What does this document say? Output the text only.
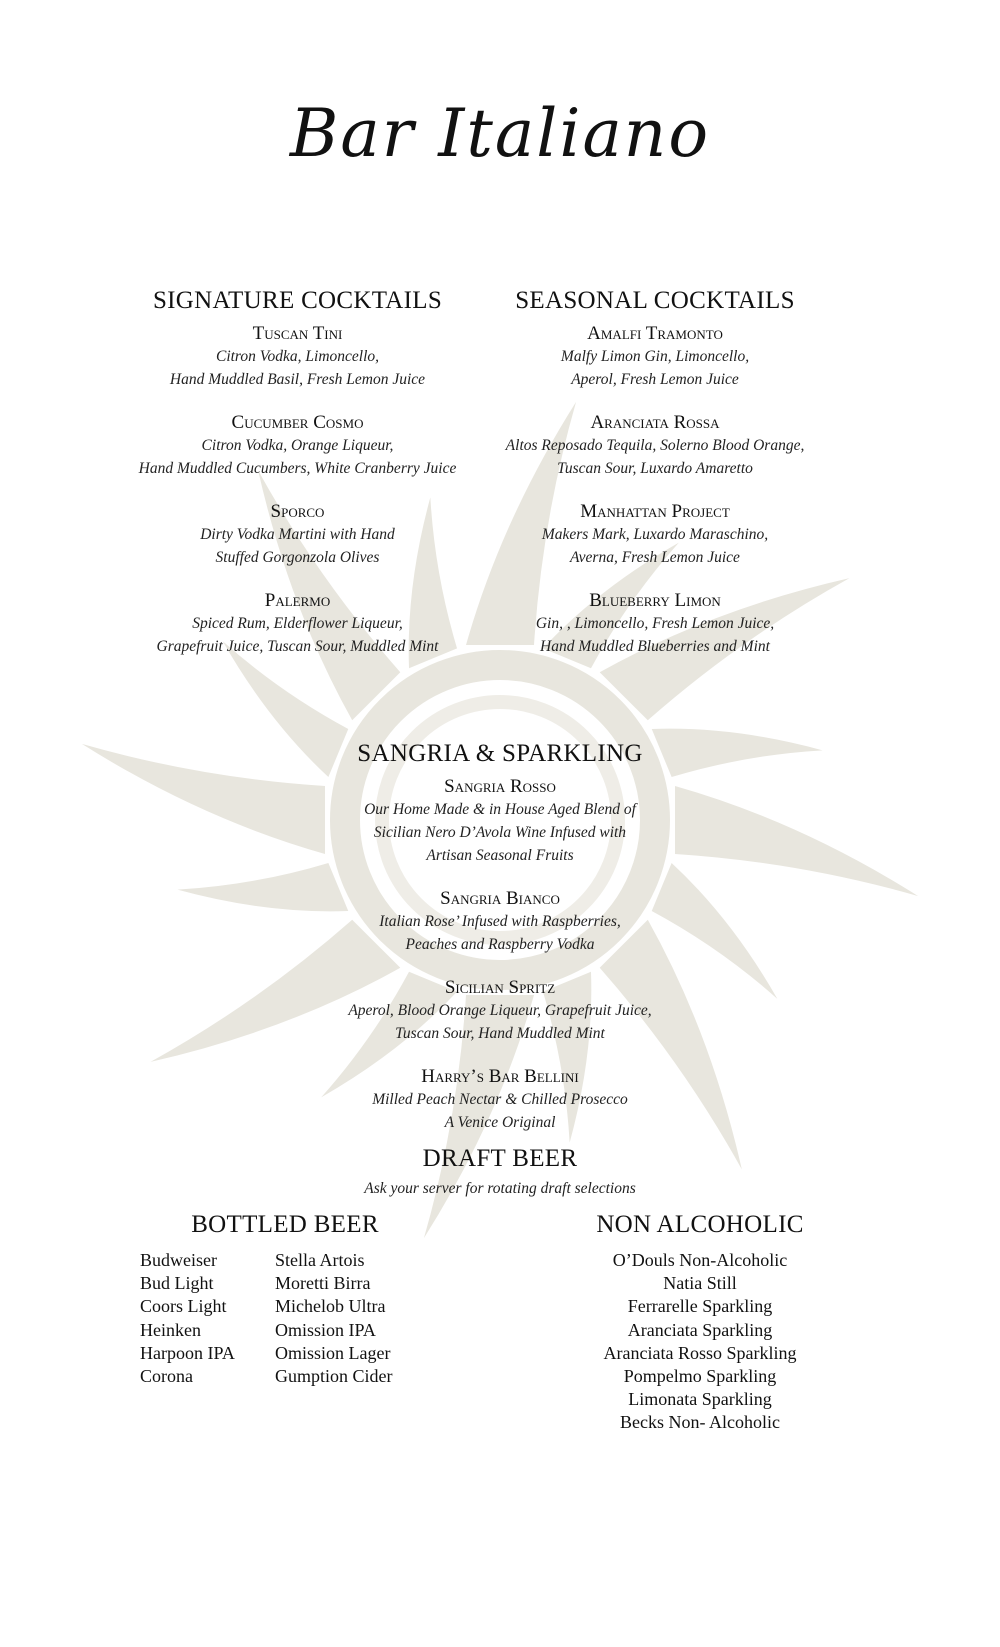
Bar Italiano
SIGNATURE COCKTAILS
Tuscan Tini
Citron Vodka, Limoncello,
Hand Muddled Basil, Fresh Lemon Juice
Cucumber Cosmo
Citron Vodka, Orange Liqueur,
Hand Muddled Cucumbers, White Cranberry Juice
Sporco
Dirty Vodka Martini with Hand
Stuffed Gorgonzola Olives
Palermo
Spiced Rum, Elderflower Liqueur,
Grapefruit Juice, Tuscan Sour, Muddled Mint
SEASONAL COCKTAILS
Amalfi Tramonto
Malfy Limon Gin, Limoncello,
Aperol, Fresh Lemon Juice
Aranciata Rossa
Altos Reposado Tequila, Solerno Blood Orange,
Tuscan Sour, Luxardo Amaretto
Manhattan Project
Makers Mark, Luxardo Maraschino,
Averna, Fresh Lemon Juice
Blueberry Limon
Gin, , Limoncello, Fresh Lemon Juice,
Hand Muddled Blueberries and Mint
SANGRIA & SPARKLING
Sangria Rosso
Our Home Made & in House Aged Blend of
Sicilian Nero D’Avola Wine Infused with
Artisan Seasonal Fruits
Sangria Bianco
Italian Rose’ Infused with Raspberries,
Peaches and Raspberry Vodka
Sicilian Spritz
Aperol, Blood Orange Liqueur, Grapefruit Juice,
Tuscan Sour, Hand Muddled Mint
Harry’s Bar Bellini
Milled Peach Nectar & Chilled Prosecco
A Venice Original
DRAFT BEER
Ask your server for rotating draft selections
BOTTLED BEER
Budweiser
Bud Light
Coors Light
Heinken
Harpoon IPA
Corona
Stella Artois
Moretti Birra
Michelob Ultra
Omission IPA
Omission Lager
Gumption Cider
NON ALCOHOLIC
O’Douls Non-Alcoholic
Natia Still
Ferrarelle Sparkling
Aranciata Sparkling
Aranciata Rosso Sparkling
Pompelmo Sparkling
Limonata Sparkling
Becks Non- Alcoholic
